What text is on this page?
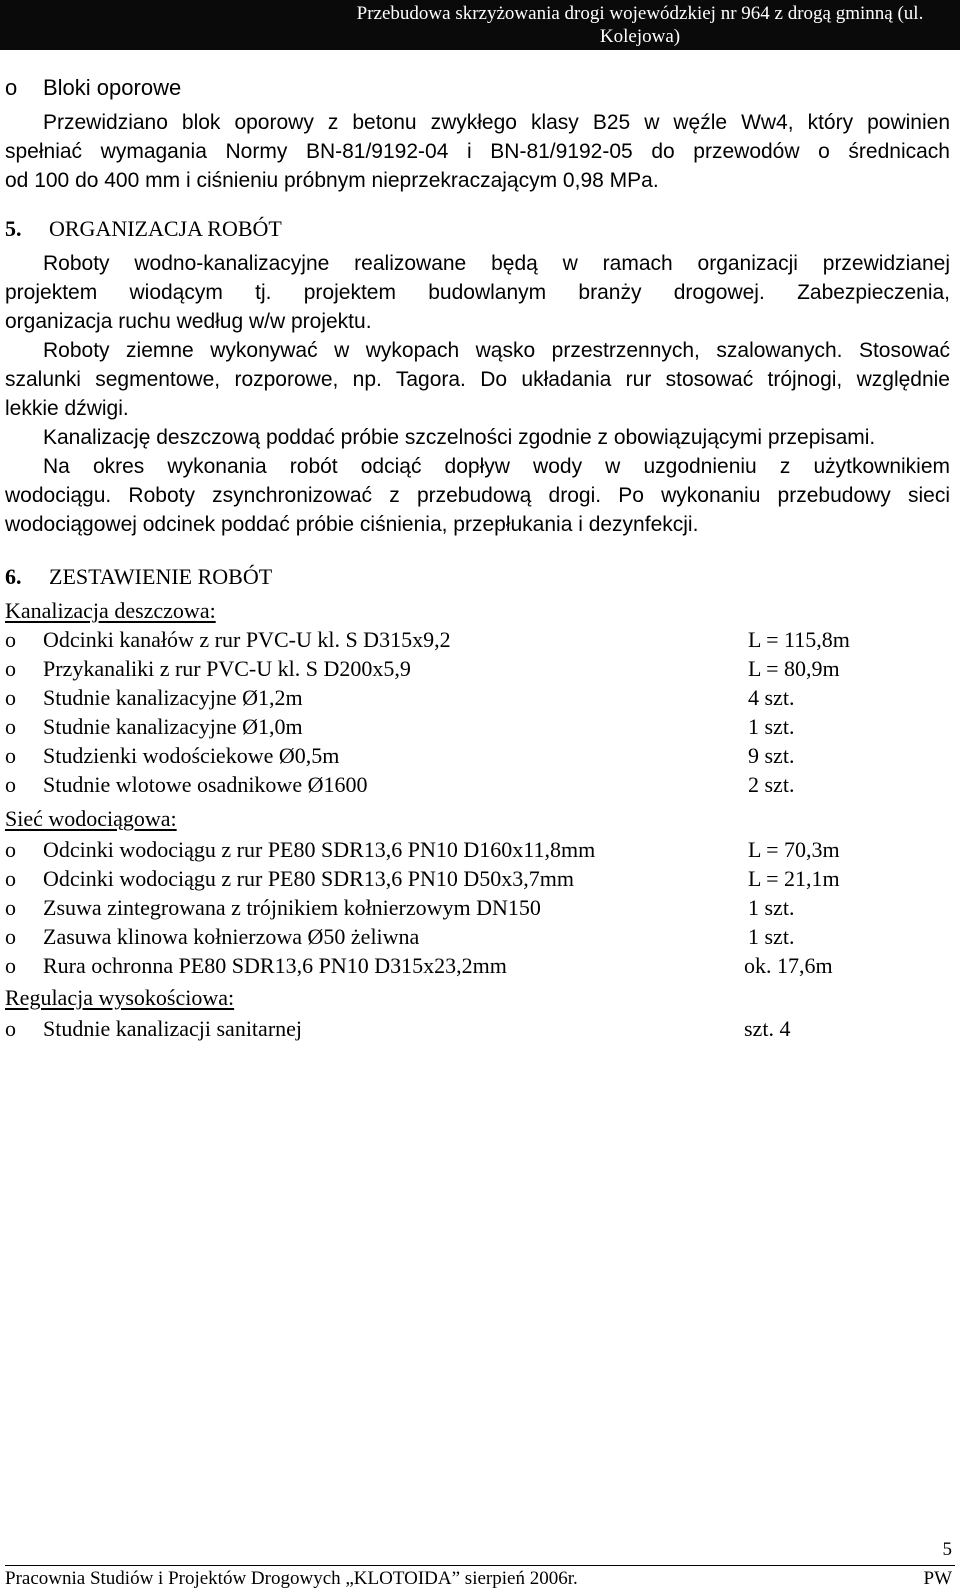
Przebudowa skrzyżowania drogi wojewódzkiej nr 964 z drogą gminną (ul. Kolejowa)
w miejscowości Niepołomice
o Bloki oporowe
Przewidziano blok oporowy z betonu zwykłego klasy B25 w węźle Ww4, który powinien
spełniać wymagania Normy BN-81/9192-04 i BN-81/9192-05 do przewodów o średnicach
od 100 do 400 mm i ciśnieniu próbnym nieprzekraczającym 0,98 MPa.
5. ORGANIZACJA ROBÓT
Roboty wodno-kanalizacyjne realizowane będą w ramach organizacji przewidzianej
projektem wiodącym tj. projektem budowlanym branży drogowej. Zabezpieczenia,
organizacja ruchu według w/w projektu.
Roboty ziemne wykonywać w wykopach wąsko przestrzennych, szalowanych. Stosować
szalunki segmentowe, rozporowe, np. Tagora. Do układania rur stosować trójnogi, względnie
lekkie dźwigi.
Kanalizację deszczową poddać próbie szczelności zgodnie z obowiązującymi przepisami.
Na okres wykonania robót odciąć dopływ wody w uzgodnieniu z użytkownikiem
wodociągu. Roboty zsynchronizować z przebudową drogi. Po wykonaniu przebudowy sieci
wodociągowej odcinek poddać próbie ciśnienia, przepłukania i dezynfekcji.
6. ZESTAWIENIE ROBÓT
Kanalizacja deszczowa:
o Odcinki kanałów z rur PVC-U kl. S D315x9,2	L = 115,8m
o Przykanaliki z rur PVC-U kl. S D200x5,9	L = 80,9m
o Studnie kanalizacyjne Ø1,2m	4 szt.
o Studnie kanalizacyjne Ø1,0m	1 szt.
o Studzienki wodościekowe Ø0,5m	9 szt.
o Studnie wlotowe osadnikowe Ø1600	2 szt.
Sieć wodociągowa:
o Odcinki wodociągu z rur PE80 SDR13,6 PN10 D160x11,8mm	L = 70,3m
o Odcinki wodociągu z rur PE80 SDR13,6 PN10 D50x3,7mm	L = 21,1m
o Zsuwa zintegrowana z trójnikiem kołnierzowym DN150	1 szt.
o Zasuwa klinowa kołnierzowa Ø50 żeliwna	1 szt.
o Rura ochronna PE80 SDR13,6 PN10 D315x23,2mm	ok. 17,6m
Regulacja wysokościowa:
o Studnie kanalizacji sanitarnej	szt. 4
5
Pracownia Studiów i Projektów Drogowych „KLOTOIDA” sierpień 2006r.	PW
